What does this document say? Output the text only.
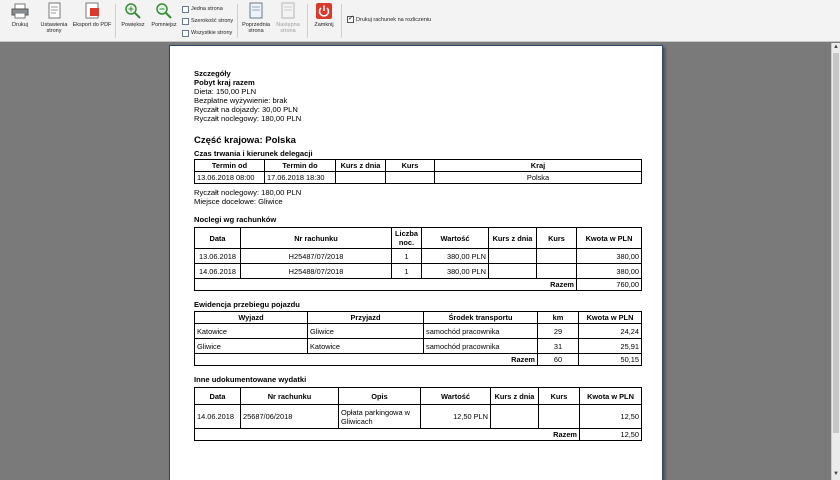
Drukuj Ustawienia strony
Eksport do PDF Powiększ Pomniejsz
Jedna strona
Szerokość strony
Wszystkie strony
Poprzednia strona
Następna strona
Zamknij
✓
Drukuj rachunek na rozliczeniu
▲
▼
Szczegóły
Pobyt kraj razem
Dieta: 150,00 PLN
Bezpłatne wyżywienie: brak
Ryczałt na dojazdy: 30,00 PLN
Ryczałt noclegowy: 180,00 PLN
Część krajowa: Polska
Czas trwania i kierunek delegacji
Termin od	Termin do	Kurs z dnia	Kurs	Kraj
13.06.2018 08:00	17.06.2018 18:30			Polska
Ryczałt noclegowy: 180,00 PLN
Miejsce docelowe: Gliwice
Noclegi wg rachunków
Data	Nr rachunku	Liczba noc.	Wartość	Kurs z dnia	Kurs	Kwota w PLN
13.06.2018	H25487/07/2018	1	380,00 PLN			380,00
14.06.2018	H25488/07/2018	1	380,00 PLN			380,00
					Razem	760,00
Ewidencja przebiegu pojazdu
Wyjazd	Przyjazd	Środek transportu	km	Kwota w PLN
Katowice	Gliwice	samochód pracownika	29	24,24
Gliwice	Katowice	samochód pracownika	31	25,91
		Razem	60	50,15
Inne udokumentowane wydatki
Data	Nr rachunku	Opis	Wartość	Kurs z dnia	Kurs	Kwota w PLN
14.06.2018	25687/06/2018	Opłata parkingowa w Gliwicach	12,50 PLN			12,50
					Razem	12,50
